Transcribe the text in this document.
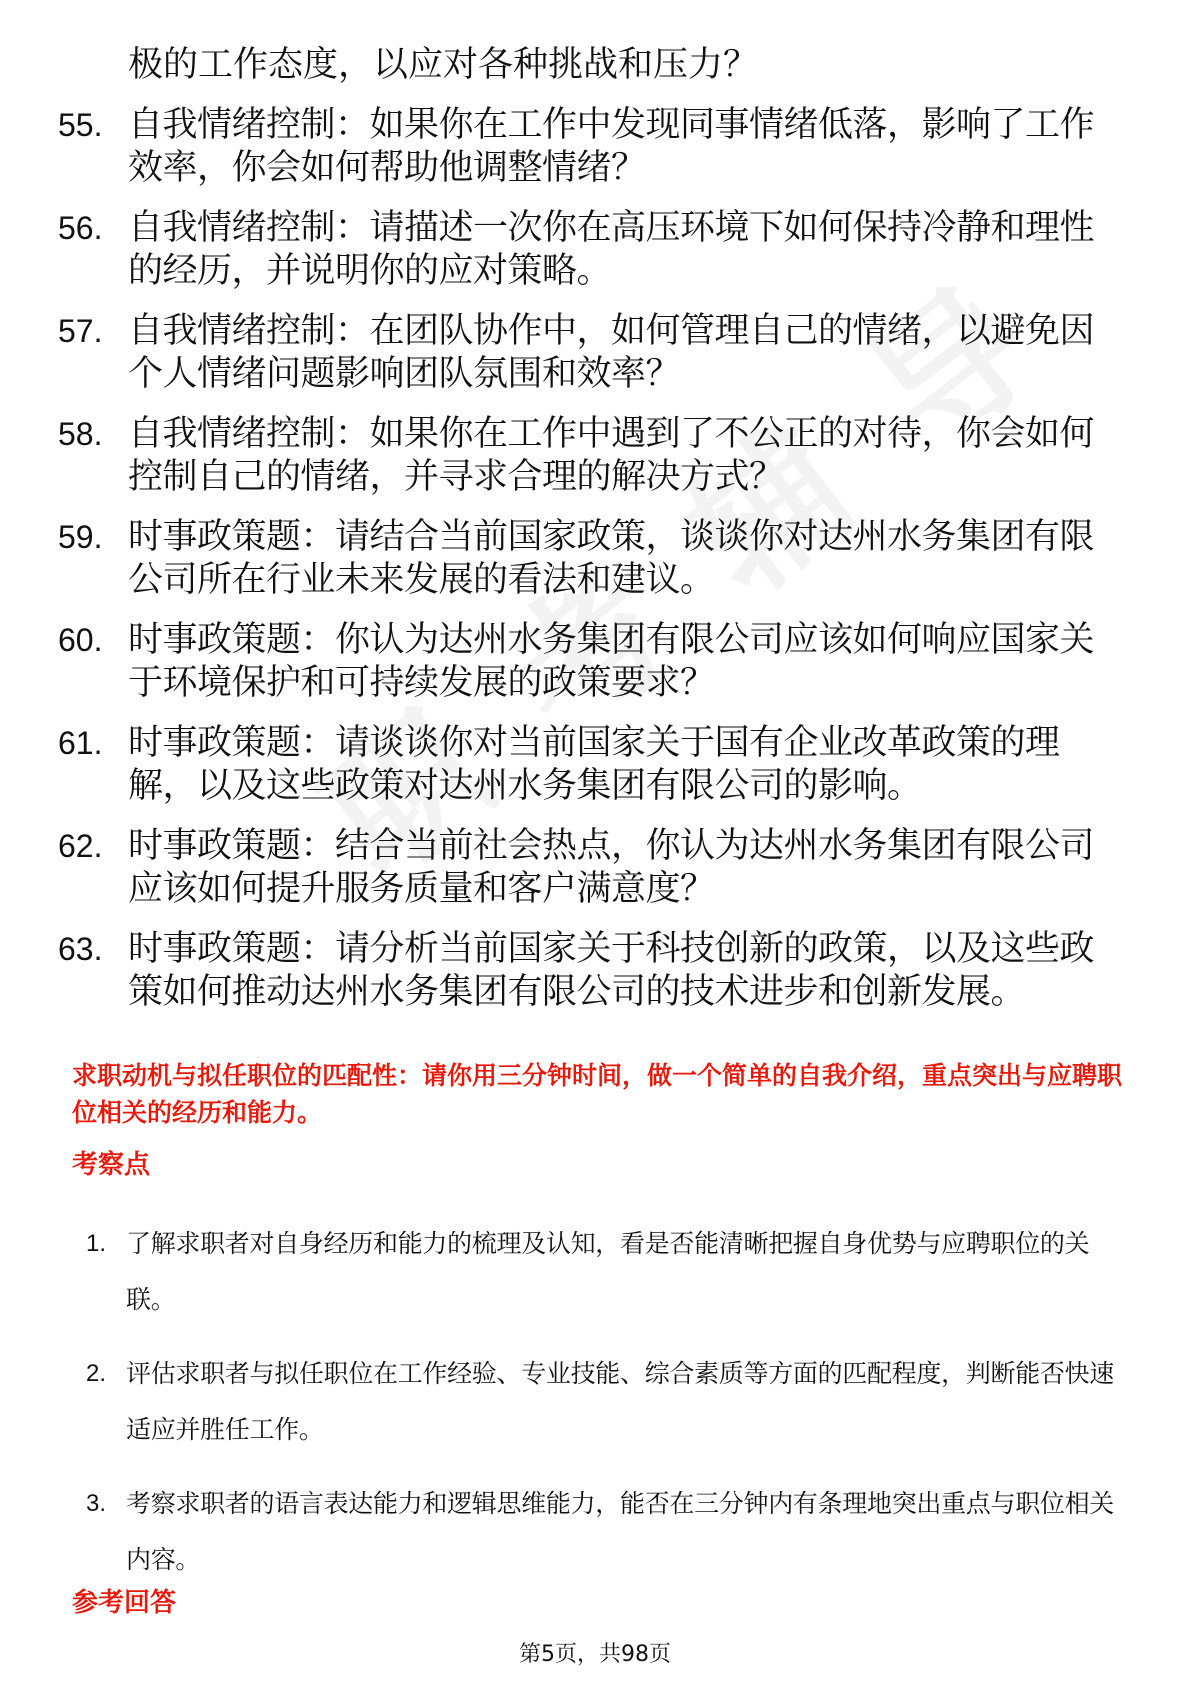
极的工作态度，以应对各种挑战和压力？
55. 自我情绪控制：如果你在工作中发现同事情绪低落，影响了工作效率，你会如何帮助他调整情绪？
56. 自我情绪控制：请描述一次你在高压环境下如何保持冷静和理性的经历，并说明你的应对策略。
57. 自我情绪控制：在团队协作中，如何管理自己的情绪，以避免因个人情绪问题影响团队氛围和效率？
58. 自我情绪控制：如果你在工作中遇到了不公正的对待，你会如何控制自己的情绪，并寻求合理的解决方式？
59. 时事政策题：请结合当前国家政策，谈谈你对达州水务集团有限公司所在行业未来发展的看法和建议。
60. 时事政策题：你认为达州水务集团有限公司应该如何响应国家关于环境保护和可持续发展的政策要求？
61. 时事政策题：请谈谈你对当前国家关于国有企业改革政策的理解，以及这些政策对达州水务集团有限公司的影响。
62. 时事政策题：结合当前社会热点，你认为达州水务集团有限公司应该如何提升服务质量和客户满意度？
63. 时事政策题：请分析当前国家关于科技创新的政策，以及这些政策如何推动达州水务集团有限公司的技术进步和创新发展。
求职动机与拟任职位的匹配性：请你用三分钟时间，做一个简单的自我介绍，重点突出与应聘职位相关的经历和能力。
考察点
1. 了解求职者对自身经历和能力的梳理及认知，看是否能清晰把握自身优势与应聘职位的关联。
2. 评估求职者与拟任职位在工作经验、专业技能、综合素质等方面的匹配程度，判断能否快速适应并胜任工作。
3. 考察求职者的语言表达能力和逻辑思维能力，能否在三分钟内有条理地突出重点与职位相关内容。
参考回答
第5页，共98页
